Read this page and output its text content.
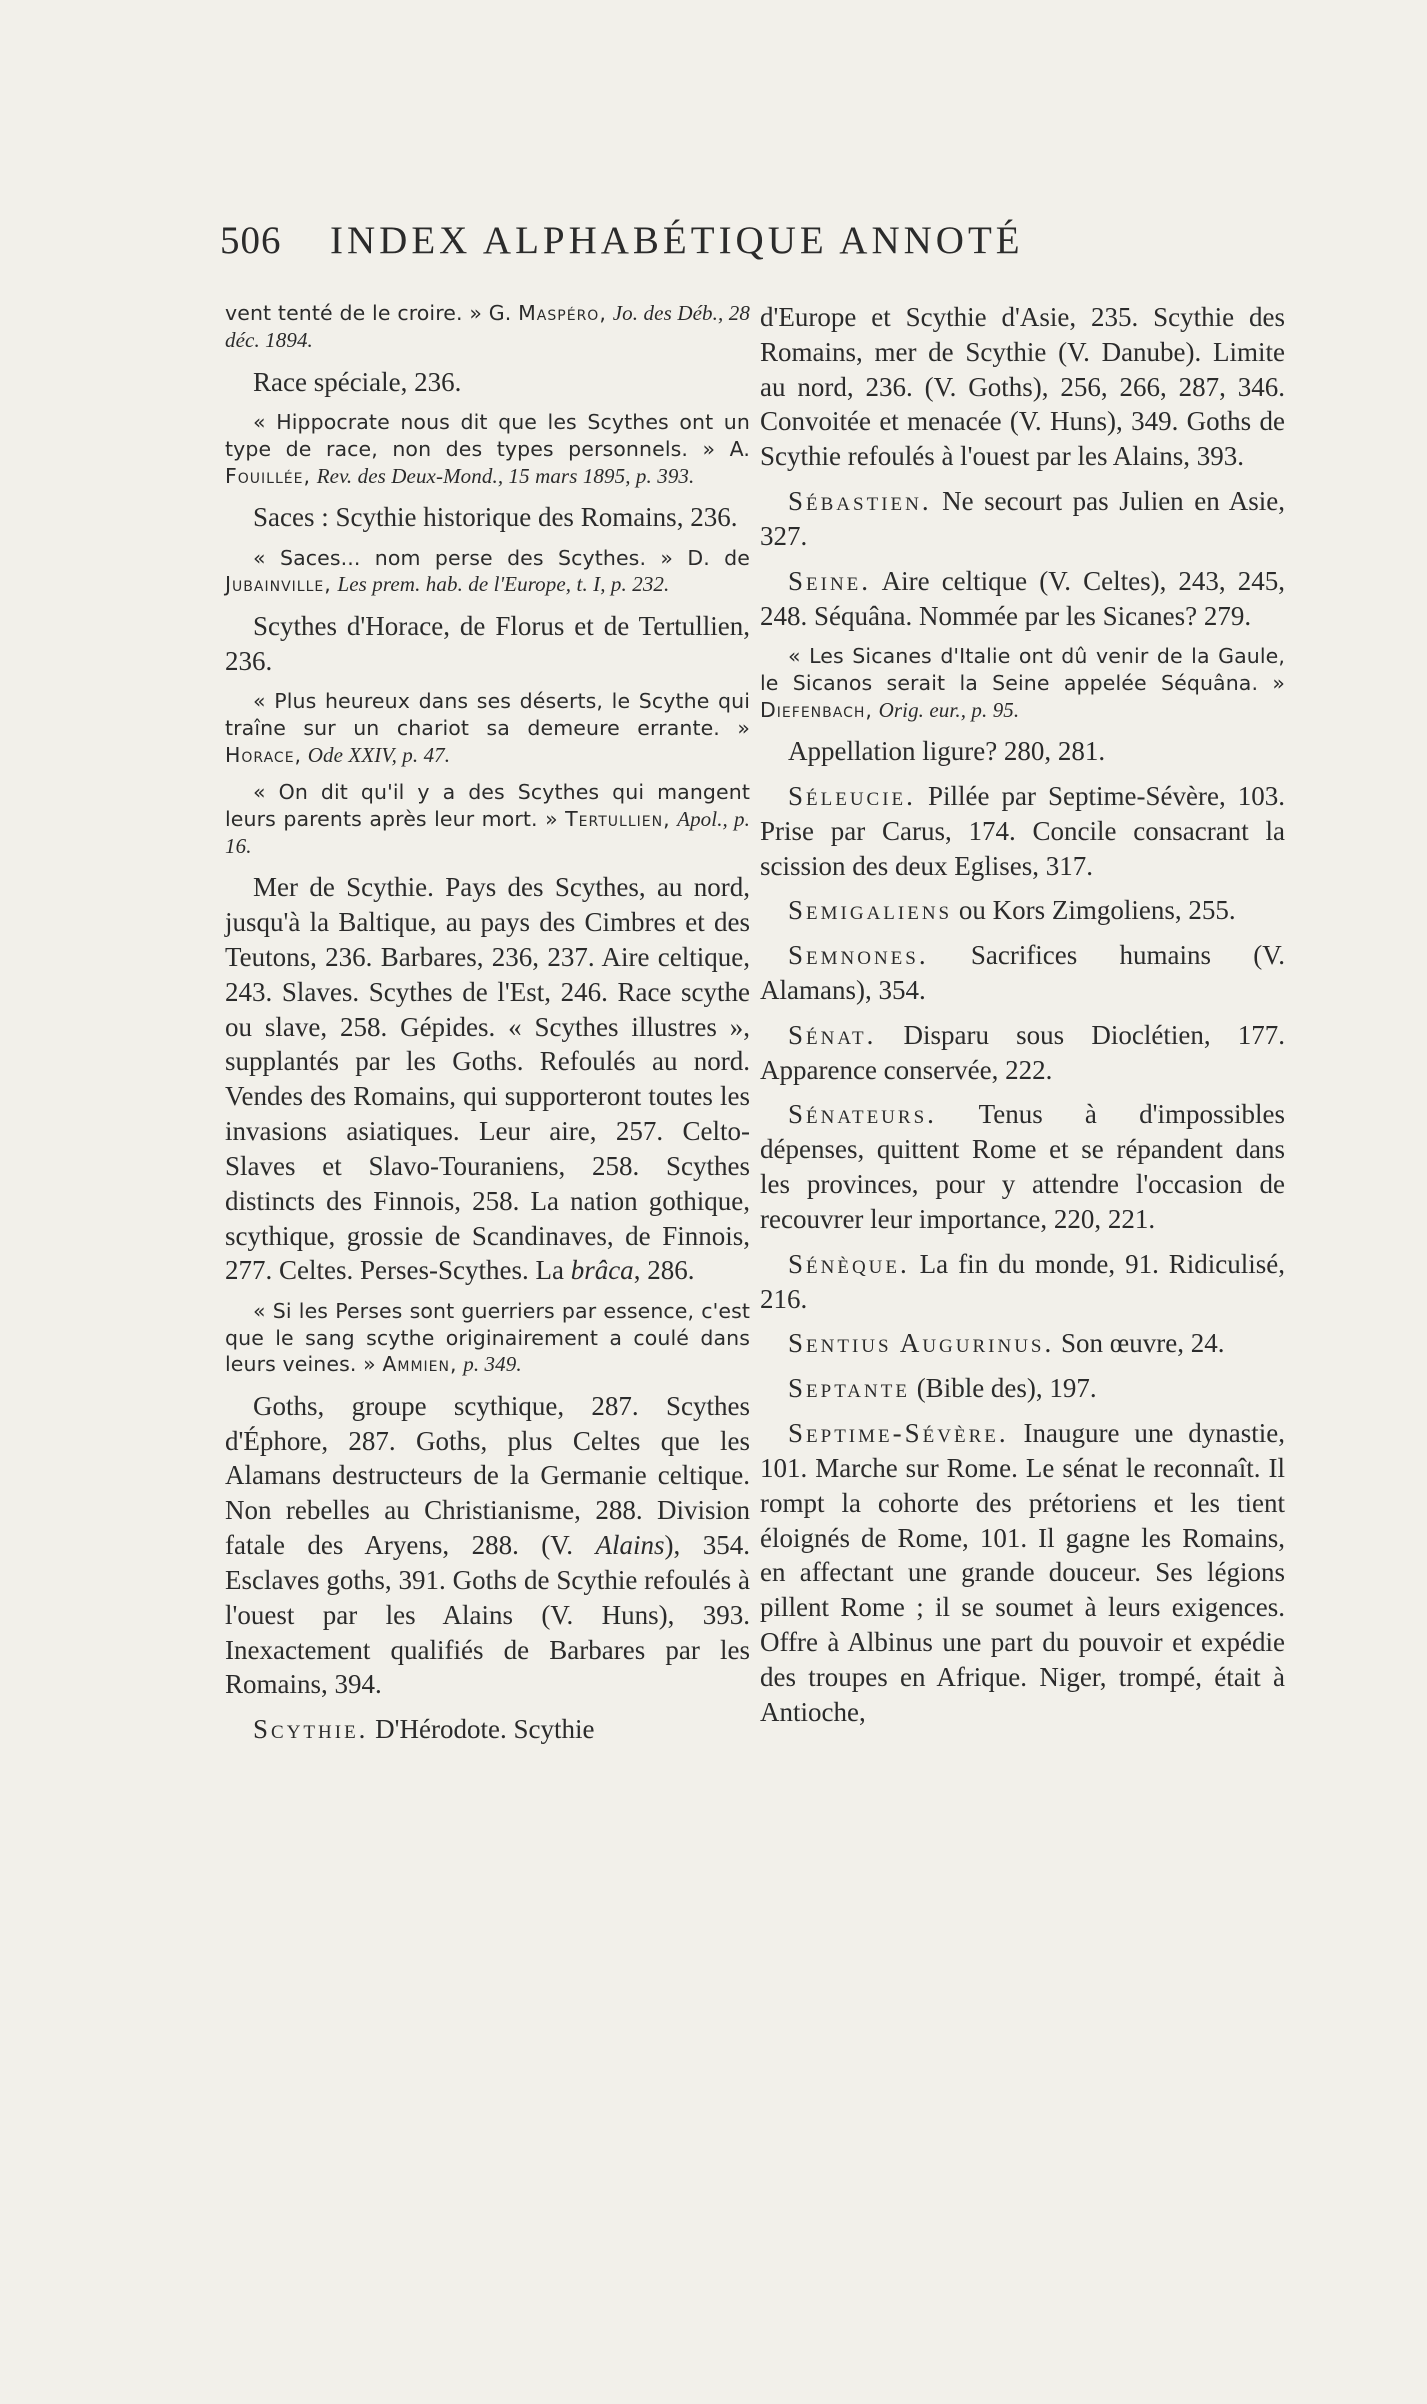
506 INDEX ALPHABÉTIQUE ANNOTÉ

vent tenté de le croire. » G. Maspéro, Jo. des Déb., 28 déc. 1894.

Race spéciale, 236.

« Hippocrate nous dit que les Scythes ont un type de race, non des types personnels. » A. Fouillée, Rev. des Deux-Mond., 15 mars 1895, p. 393.

Saces : Scythie historique des Romains, 236.

« Saces... nom perse des Scythes. » D. de Jubainville, Les prem. hab. de l'Europe, t. I, p. 232.

Scythes d'Horace, de Florus et de Tertullien, 236.

« Plus heureux dans ses déserts, le Scythe qui traîne sur un chariot sa demeure errante. » Horace, Ode XXIV, p. 47.

« On dit qu'il y a des Scythes qui mangent leurs parents après leur mort. » Tertullien, Apol., p. 16.

Mer de Scythie. Pays des Scythes, au nord, jusqu'à la Baltique, au pays des Cimbres et des Teutons, 236. Barbares, 236, 237. Aire celtique, 243. Slaves. Scythes de l'Est, 246. Race scythe ou slave, 258. Gépides. « Scythes illustres », supplantés par les Goths. Refoulés au nord. Vendes des Romains, qui supporteront toutes les invasions asiatiques. Leur aire, 257. Celto-Slaves et Slavo-Touraniens, 258. Scythes distincts des Finnois, 258. La nation gothique, scythique, grossie de Scandinaves, de Finnois, 277. Celtes. Perses-Scythes. La brâca, 286.

« Si les Perses sont guerriers par essence, c'est que le sang scythe originairement a coulé dans leurs veines. » Ammien, p. 349.

Goths, groupe scythique, 287. Scythes d'Éphore, 287. Goths, plus Celtes que les Alamans destructeurs de la Germanie celtique. Non rebelles au Christianisme, 288. Division fatale des Aryens, 288. (V. Alains), 354. Esclaves goths, 391. Goths de Scythie refoulés à l'ouest par les Alains (V. Huns), 393. Inexactement qualifiés de Barbares par les Romains, 394.

Scythie. D'Hérodote. Scythie

d'Europe et Scythie d'Asie, 235. Scythie des Romains, mer de Scythie (V. Danube). Limite au nord, 236. (V. Goths), 256, 266, 287, 346. Convoitée et menacée (V. Huns), 349. Goths de Scythie refoulés à l'ouest par les Alains, 393.

Sébastien. Ne secourt pas Julien en Asie, 327.

Seine. Aire celtique (V. Celtes), 243, 245, 248. Séquâna. Nommée par les Sicanes? 279.

« Les Sicanes d'Italie ont dû venir de la Gaule, le Sicanos serait la Seine appelée Séquâna. » Diefenbach, Orig. eur., p. 95.

Appellation ligure? 280, 281.

Séleucie. Pillée par Septime-Sévère, 103. Prise par Carus, 174. Concile consacrant la scission des deux Eglises, 317.

Semigaliens ou Kors Zimgoliens, 255.

Semnones. Sacrifices humains (V. Alamans), 354.

Sénat. Disparu sous Dioclétien, 177. Apparence conservée, 222.

Sénateurs. Tenus à d'impossibles dépenses, quittent Rome et se répandent dans les provinces, pour y attendre l'occasion de recouvrer leur importance, 220, 221.

Sénèque. La fin du monde, 91. Ridiculisé, 216.

Sentius Augurinus. Son œuvre, 24.

Septante (Bible des), 197.

Septime-Sévère. Inaugure une dynastie, 101. Marche sur Rome. Le sénat le reconnaît. Il rompt la cohorte des prétoriens et les tient éloignés de Rome, 101. Il gagne les Romains, en affectant une grande douceur. Ses légions pillent Rome ; il se soumet à leurs exigences. Offre à Albinus une part du pouvoir et expédie des troupes en Afrique. Niger, trompé, était à Antioche,
